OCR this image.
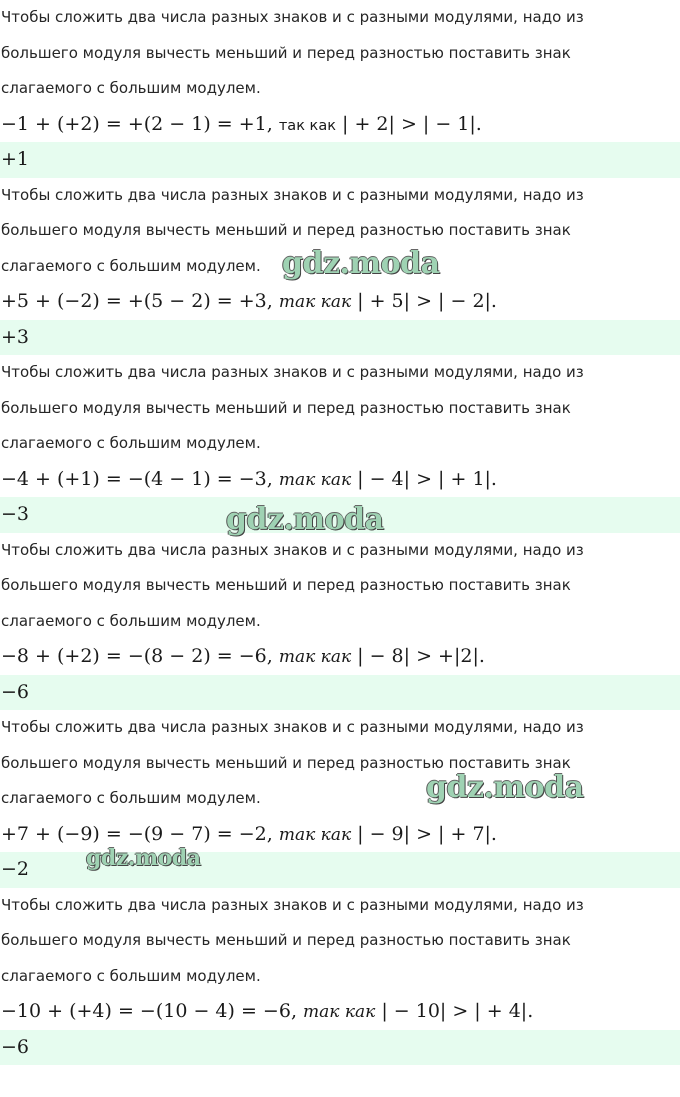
Чтобы сложить два числа разных знаков и с разными модулями, надо из
большего модуля вычесть меньший и перед разностью поставить знак
слагаемого с большим модулем.
−1 + (+2) = +(2 − 1) = +1, так как | + 2| > | − 1|.
+1
Чтобы сложить два числа разных знаков и с разными модулями, надо из
большего модуля вычесть меньший и перед разностью поставить знак
слагаемого с большим модулем.
+5 + (−2) = +(5 − 2) = +3, так как | + 5| > | − 2|.
+3
Чтобы сложить два числа разных знаков и с разными модулями, надо из
большего модуля вычесть меньший и перед разностью поставить знак
слагаемого с большим модулем.
−4 + (+1) = −(4 − 1) = −3, так как | − 4| > | + 1|.
−3
Чтобы сложить два числа разных знаков и с разными модулями, надо из
большего модуля вычесть меньший и перед разностью поставить знак
слагаемого с большим модулем.
−8 + (+2) = −(8 − 2) = −6, так как | − 8| > +|2|.
−6
Чтобы сложить два числа разных знаков и с разными модулями, надо из
большего модуля вычесть меньший и перед разностью поставить знак
слагаемого с большим модулем.
+7 + (−9) = −(9 − 7) = −2, так как | − 9| > | + 7|.
−2
Чтобы сложить два числа разных знаков и с разными модулями, надо из
большего модуля вычесть меньший и перед разностью поставить знак
слагаемого с большим модулем.
−10 + (+4) = −(10 − 4) = −6, так как | − 10| > | + 4|.
−6
gdz.moda
gdz.moda
gdz.moda
gdz.moda
